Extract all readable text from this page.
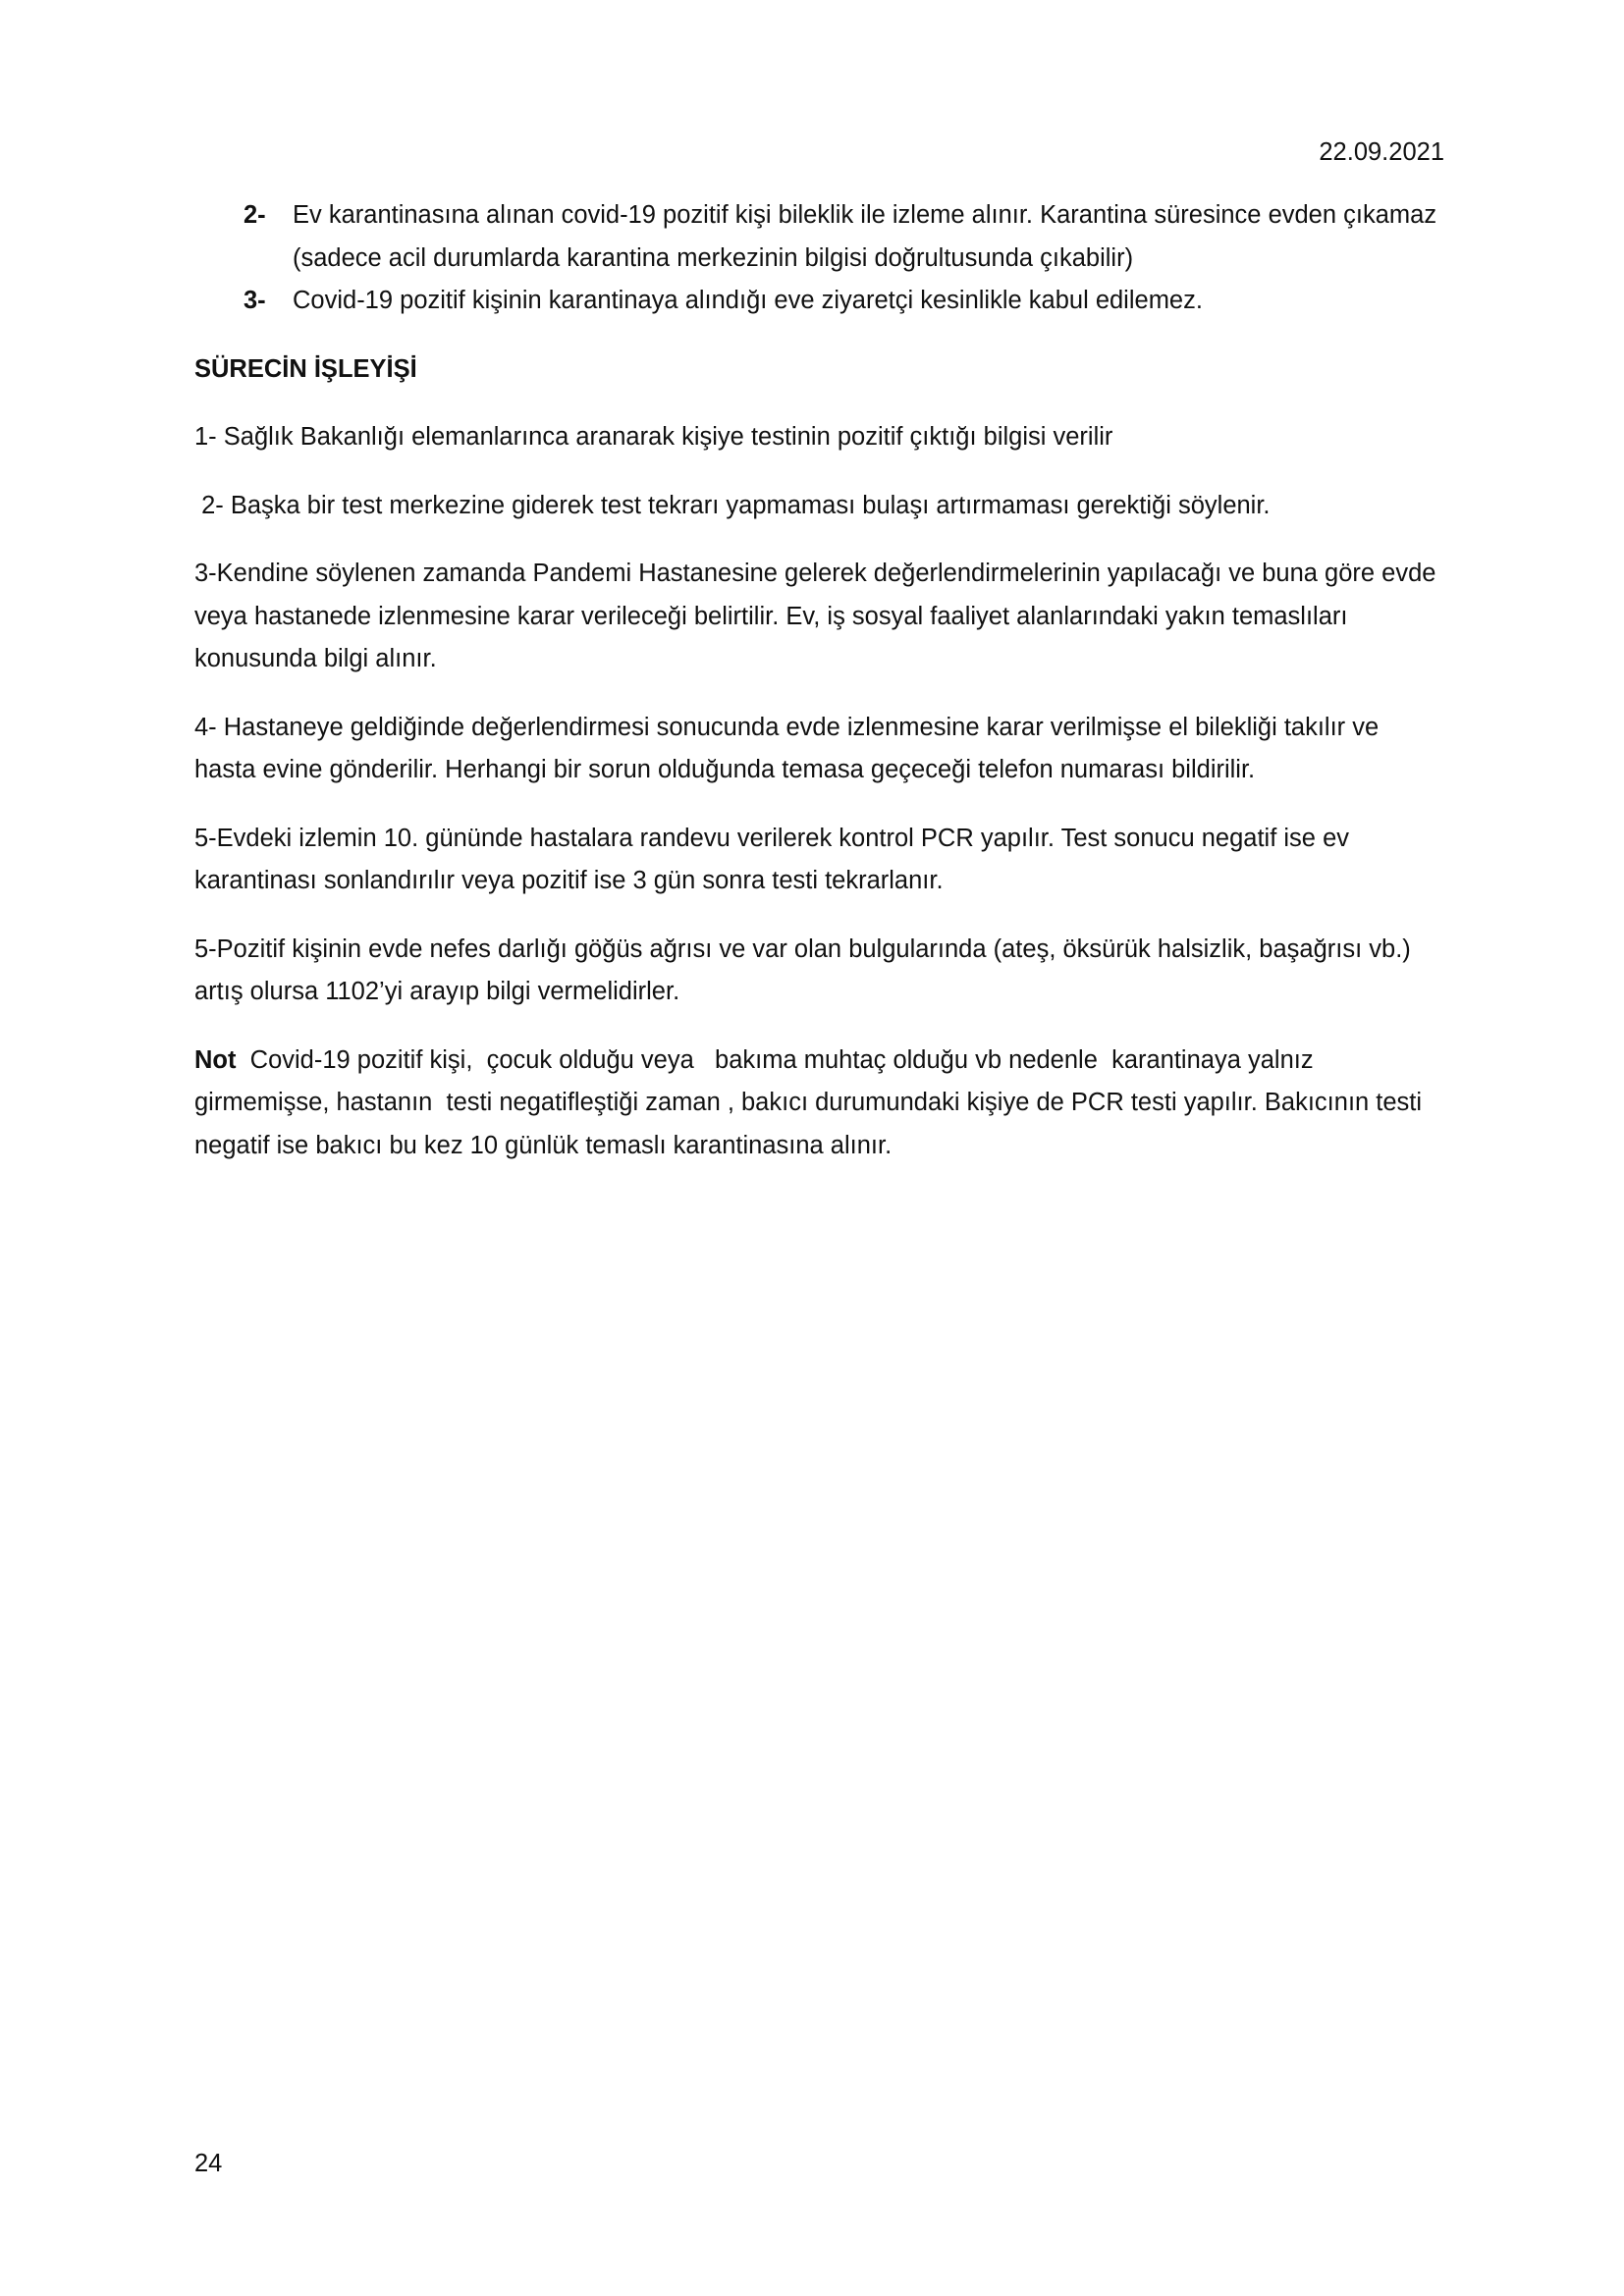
22.09.2021
2-	Ev karantinasına alınan covid-19 pozitif kişi bileklik ile izleme alınır. Karantina süresince evden çıkamaz (sadece acil durumlarda karantina merkezinin bilgisi doğrultusunda çıkabilir)
3-	Covid-19 pozitif kişinin karantinaya alındığı eve ziyaretçi kesinlikle kabul edilemez.
SÜRECİN İŞLEYİŞİ
1- Sağlık Bakanlığı elemanlarınca aranarak kişiye testinin pozitif çıktığı bilgisi verilir
2- Başka bir test merkezine giderek test tekrarı yapmaması bulaşı artırmaması gerektiği söylenir.
3-Kendine söylenen zamanda Pandemi Hastanesine gelerek değerlendirmelerinin yapılacağı ve buna göre evde veya hastanede izlenmesine karar verileceği belirtilir. Ev, iş sosyal faaliyet alanlarındaki yakın temaslıları konusunda bilgi alınır.
4- Hastaneye geldiğinde değerlendirmesi sonucunda evde izlenmesine karar verilmişse el bilekliği takılır ve hasta evine gönderilir. Herhangi bir sorun olduğunda temasa geçeceği telefon numarası bildirilir.
5-Evdeki izlemin 10. gününde hastalara randevu verilerek kontrol PCR yapılır. Test sonucu negatif ise ev karantinası sonlandırılır veya pozitif ise 3 gün sonra testi tekrarlanır.
5-Pozitif kişinin evde nefes darlığı göğüs ağrısı ve var olan bulgularında (ateş, öksürük halsizlik, başağrısı vb.) artış olursa 1102’yi arayıp bilgi vermelidirler.
Not  Covid-19 pozitif kişi,  çocuk olduğu veya   bakıma muhtaç olduğu vb nedenle  karantinaya yalnız girmemişse, hastanın  testi negatifleştiği zaman , bakıcı durumundaki kişiye de PCR testi yapılır. Bakıcının testi negatif ise bakıcı bu kez 10 günlük temaslı karantinasına alınır.
24
